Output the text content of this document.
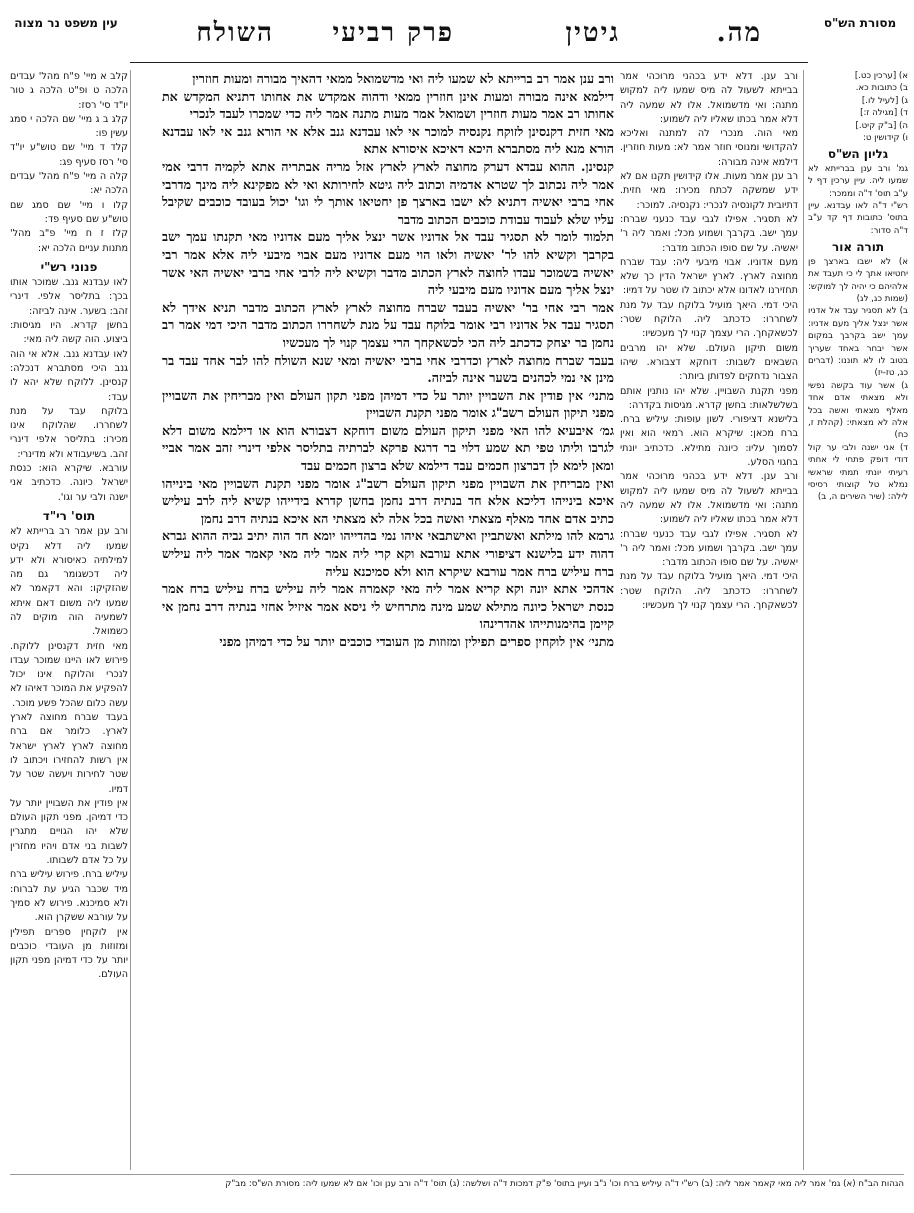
מסורת הש"ס
השולח פרק רביעי	גיטין	מה.
עין משפט נר מצוה

א) [ערכין כט.]

ב) כתובות כא.

ג) [לעיל לו.]

ד) [מגילה ז:]

ה) [ב"ק קיט.]

ו) קידושין ט:

גליון הש"ס

גמ' ורב ענן בברייתא לא שמעו ליה. עיין ערכין דף ל ע"ב תוס' ד"ה וממכר:

רש"י ד"ה לאו עבדנא. עיין בתוס' כתובות דף קד ע"ב ד"ה סדור:

תורה אור

א) לא ישבו בארצך פן יחטיאו אתך לי כי תעבד את אלהיהם כי יהיה לך למוקש: (שמות כג, לג)

ב) לא תסגיר עבד אל אדניו אשר ינצל אליך מעם אדניו: עמך ישב בקרבך במקום אשר יבחר באחד שעריך בטוב לו לא תוננו: (דברים כג, טז-יז)

ג) אשר עוד בקשה נפשי ולא מצאתי אדם אחד מאלף מצאתי ואשה בכל אלה לא מצאתי: (קהלת ז, כח)

ד) אני ישנה ולבי ער קול דודי דופק פתחי לי אחתי רעיתי יונתי תמתי שראשי נמלא טל קוצותי רסיסי לילה: (שיר השירים ה, ב)

ורב ענן. דלא ידע בכהני מרוכהי אמר בבייתא לשעול לה מיס שמעו ליה למקוש מתנה: ואי מדשמואל. אלו לא שמעה ליה דלא אמר בכתו שאליו ליה לשמוע:

מאי הוה. מנכרי לה למתנה ואליכא להקדושי ומנוסי חוזר אמר לא: מעות חוזרין. דילמא אינה מבורה:

רב ענן אמר מעות. אלו קידושין תקנו אם לא ידע שמשקה לכתח מכירו: מאי חזית. דתיובית לקונסיה לנכרי: נקנסיה. למוכר:

לא תסגיר. אפילו לגבי עבד כנעני שברח: עמך ישב. בקרבך ושמוע מכל: ואמר ליה ר' יאשיה. על שם סופו הכתוב מדבר:

מעם אדוניו. אבוי מיבעי ליה: עבד שברח מחוצה לארץ. לארץ ישראל הדין כך שלא תחזירנו לאדונו אלא יכתוב לו שטר על דמיו:

היכי דמי. היאך מועיל בלוקח עבד על מנת לשחררו: כדכתב ליה. הלוקח שטר: לכשאקחך. הרי עצמך קנוי לך מעכשיו:

משום תיקון העולם. שלא יהו מרבים השבאים לשבות: דוחקא דצבורא. שיהו הצבור נדחקים לפדותן ביותר:

מפני תקנת השבויין. שלא יהו נותנין אותם בשלשלאות: בחשן קדרא. מגיסות בקדרה:

בלישנא דציפורי. לשון עופות: עיליש ברח. ברח מכאן: שיקרא הוא. רמאי הוא ואין לסמוך עליו: כיונה מתילא. כדכתיב יונתי בחגוי הסלע.

ורב ענן. דלא ידע בכהני מרוכהי אמר בבייתא לשעול לה מיס שמעו ליה למקוש מתנה: ואי מדשמואל. אלו לא שמעה ליה דלא אמר בכתו שאליו ליה לשמוע:

לא תסגיר. אפילו לגבי עבד כנעני שברח: עמך ישב. בקרבך ושמוע מכל: ואמר ליה ר' יאשיה. על שם סופו הכתוב מדבר:

היכי דמי. היאך מועיל בלוקח עבד על מנת לשחררו: כדכתב ליה. הלוקח שטר: לכשאקחך. הרי עצמך קנוי לך מעכשיו:

ורב ענן אמר רב ברייתא לא שמעו ליה ואי מדשמואל ממאי דהאיך מבורה ומעות חוזרין

דילמא אינה מבורה ומעות אינן חוזרין ממאי ודהוה אמקדש את אחותו דתניא המקדש את אחותו רב אמר מעות חוזרין ושמואל אמר מעות מתנה אמר ליה כדי שמכרו לעבד לנכרי

מאי חזית דקנסינן לזוקח נקנסיה למוכר אי לאו עבדנא גנב אלא אי הורא גנב אי לאו עבדנא הורא מנא ליה מסתברא היכא דאיכא איסורא אתא

קנסינן. ההוא עבדא דערק מחוצה לארץ לארץ אזל מריה אבתריה אתא לקמיה דרבי אמי אמר ליה נכתוב לך שטרא אדמיה וכתוב ליה גיטא לחירותא ואי לא מפקינא ליה מינך מדרבי אחי ברבי יאשיה דתניא לא ישבו בארצך פן יחטיאו אותך לי וגו' יכול בעובד כוכבים שקיבל עליו שלא לעבוד עבודת כוכבים הכתוב מדבר

תלמוד לומר לא תסגיר עבד אל אדוניו אשר ינצל אליך מעם אדוניו מאי תקנתו עמך ישב בקרבך וקשיא להו לר' יאשיה ולאו הוי מעם אדוניו מעם אבוי מיבעי ליה אלא אמר רבי יאשיה בשמוכר עבדו לחוצה לארץ הכתוב מדבר וקשיא ליה לרבי אחי ברבי יאשיה האי אשר ינצל אליך מעם אדוניו מעם מיבעי ליה

אמר רבי אחי בר' יאשיה בעבד שברח מחוצה לארץ לארץ הכתוב מדבר תניא אידך לא תסגיר עבד אל אדוניו רבי אומר בלוקח עבד על מנת לשחררו הכתוב מדבר היכי דמי אמר רב נחמן בר יצחק כדכתב ליה הכי לכשאקחך הרי עצמך קנוי לך מעכשיו

בעבד שברח מחוצה לארץ וכדרבי אחי ברבי יאשיה ומאי שנא השולח להו לבר אחד עבד בר מינן אי נמי לכהנים בשער אינה לביזה.

מתני׳ אין פודין את השבויין יותר על כדי דמיהן מפני תקון העולם ואין מבריחין את השבויין מפני תיקון העולם רשב"ג אומר מפני תקנת השבויין

גמ׳ איבעיא להו האי מפני תיקון העולם משום דוחקא דצבורא הוא או דילמא משום דלא לגרבו וליתו טפי תא שמע דלוי בר דרגא פרקא לברתיה בתליסר אלפי דינרי זהב אמר אביי ומאן לימא לן דברצון חכמים עבד דילמא שלא ברצון חכמים עבד

ואין מבריחין את השבויין מפני תיקון העולם רשב"ג אומר מפני תקנת השבויין מאי בינייהו איכא בינייהו דליכא אלא חד בנתיה דרב נחמן בחשן קדרא בידייהו קשיא ליה לרב עיליש כתיב אדם אחד מאלף מצאתי ואשה בכל אלה לא מצאתי הא איכא בנתיה דרב נחמן

גרמא להו מילתא ואשתביין ואישתבאי איהו נמי בהדייהו יומא חד הוה יתיב גביה ההוא גברא דהוה ידע בלישנא דציפורי אתא עורבא וקא קרי ליה אמר ליה מאי קאמר אמר ליה עיליש ברח עיליש ברח אמר עורבא שיקרא הוא ולא סמיכנא עליה

אדהכי אתא יונה וקא קריא אמר ליה מאי קאמרה אמר ליה עיליש ברח עיליש ברח אמר כנסת ישראל כיונה מתילא שמע מינה מתרחיש לי ניסא אמר איזיל אחזי בנתיה דרב נחמן אי קיימן בהימנותייהו אהדרינהו

מתני׳ אין לוקחין ספרים תפילין ומזוזות מן העובדי כוכבים יותר על כדי דמיהן מפני

קלב א מיי' פ"ח מהל' עבדים הלכה ט ופ"ט הלכה ג טור יו"ד סי' רסז:

קלג ב ג מיי' שם הלכה י סמג עשין פו:

קלד ד מיי' שם טוש"ע יו"ד סי' רסז סעיף פג:

קלה ה מיי' פ"ח מהל' עבדים הלכה יא:

קלו ו מיי' שם סמג שם טוש"ע שם סעיף פד:

קלז ז ח מיי' פ"ב מהל' מתנות עניים הלכה יא:

פנוני רש"י

לאו עבדנא גנב. שמוכר אותו בכך: בתליסר אלפי. דינרי זהב: בשער. אינה לביזה:

בחשן קדרא. היו מגיסות: ביצוע. הוה קשה ליה מאי:

לאו עבדנא גנב. אלא אי הוה גנב היכי מסתברא דנכלה: קנסינן. ללוקח שלא יהא לו עבד:

בלוקח עבד על מנת לשחררו. שהלוקח אינו מכירו: בתליסר אלפי דינרי זהב. בשיעבודא ולא מדינרי:

עורבא. שיקרא הוא: כנסת ישראל כיונה. כדכתיב אני ישנה ולבי ער וגו'.

תוס' רי"ד

ורב ענן אמר רב ברייתא לא שמעו ליה דלא נקיט למילתיה כאיסורא ולא ידע ליה דכשגומר גם מה שהזקיקו: והא דקאמר לא שמעו ליה משום דאם איתא לשמעיה הוה מוקים לה כשמואל.

מאי חזית דקנסינן ללוקח. פירוש לאו היינו שמוכר עבדו לנכרי והלוקח אינו יכול להפקיע את המוכר דאיהו לא עשה כלום שהכל פשע מוכר.

בעבד שברח מחוצה לארץ לארץ. כלומר אם ברח מחוצה לארץ לארץ ישראל אין רשות להחזירו ויכתוב לו שטר לחירות ויעשה שטר על דמיו.

אין פודין את השבויין יותר על כדי דמיהן. מפני תקון העולם שלא יהו הגויים מתגרין לשבות בני אדם ויהיו מחזרין על כל אדם לשבותו.

עיליש ברח. פירוש עיליש ברח מיד שכבר הגיע עת לברוח: ולא סמיכנא. פירוש לא סמיך על עורבא ששקרן הוא.

אין לוקחין ספרים תפילין ומזוזות מן העובדי כוכבים יותר על כדי דמיהן מפני תקון העולם.

הגהות הב"ח (א) גמ' אמר ליה מאי קאמר אמר ליה: (ב) רש"י ד"ה עיליש ברח וכו' נ"ב ועיין בתוס' פ"ק דמכות ד"ה ושלשה: (ג) תוס' ד"ה ורב ענן וכו' אם לא שמעו ליה: מסורת הש"ס: מב"ק
